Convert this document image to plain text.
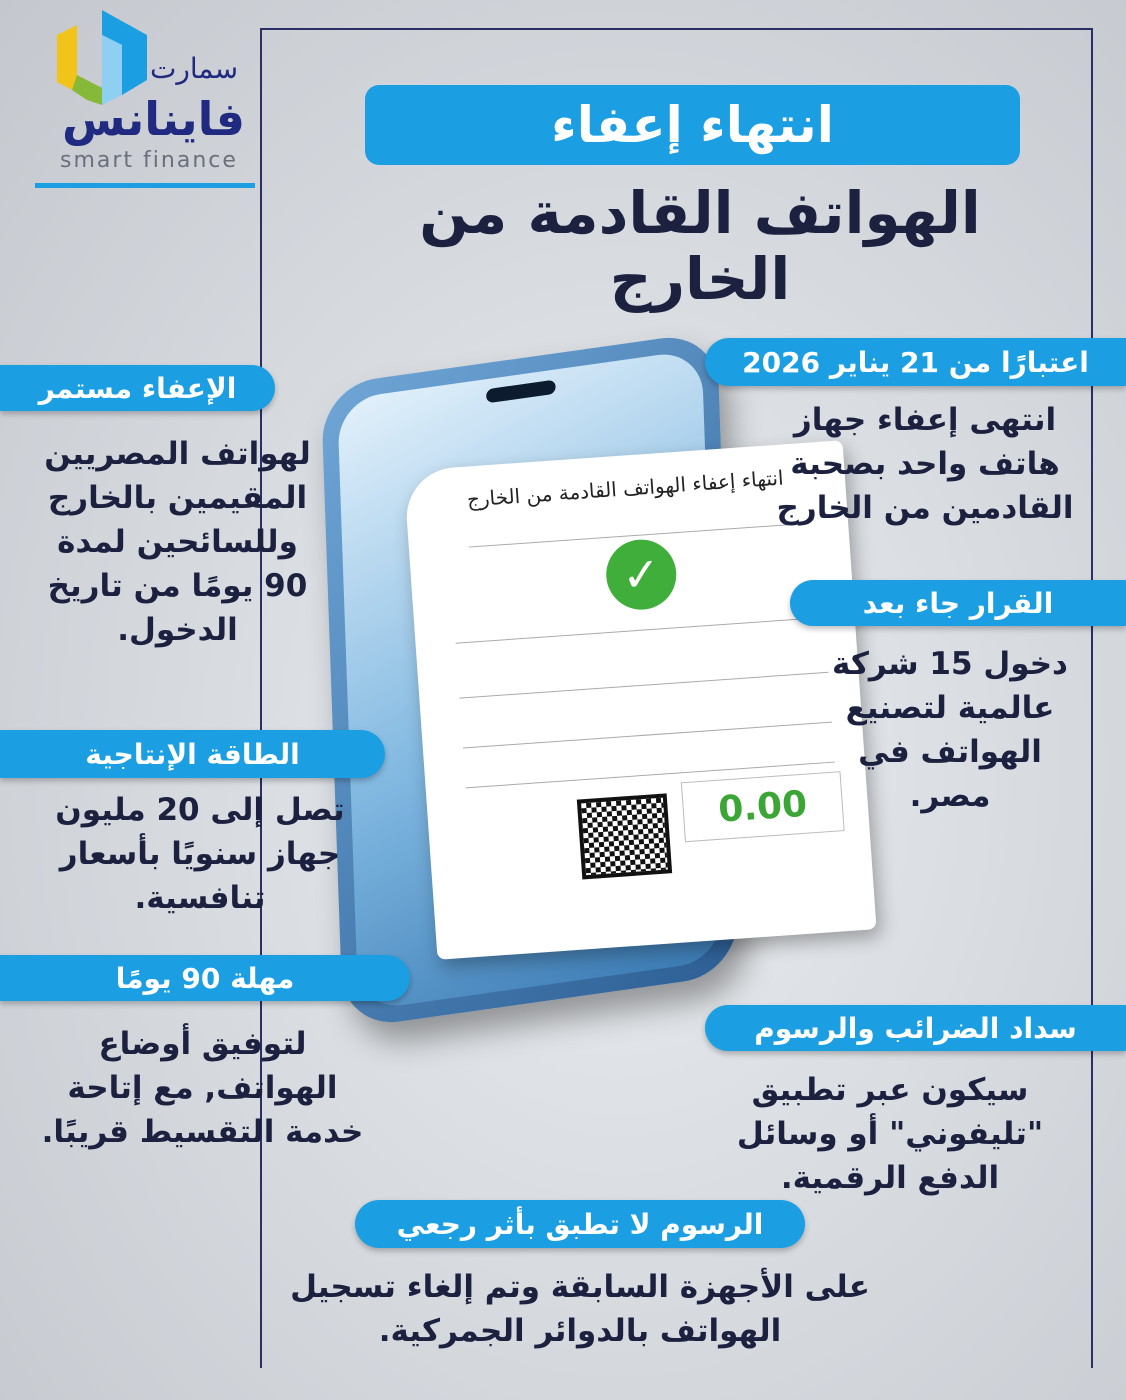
سمارت
فاينانس
smart finance
انتهاء إعفاء
الهواتف القادمة من الخارج
انتهاء إعفاء الهواتف القادمة من الخارج
✓
0.00
الإعفاء مستمر
لهواتف المصريين المقيمين بالخارج وللسائحين لمدة 90 يومًا من تاريخ الدخول.
الطاقة الإنتاجية
تصل إلى 20 مليون جهاز سنويًا بأسعار تنافسية.
مهلة 90 يومًا
لتوفيق أوضاع الهواتف, مع إتاحة خدمة التقسيط قريبًا.
اعتبارًا من 21 يناير 2026
انتهى إعفاء جهاز هاتف واحد بصحبة القادمين من الخارج
القرار جاء بعد
دخول 15 شركة عالمية لتصنيع الهواتف في مصر.
سداد الضرائب والرسوم
سيكون عبر تطبيق "تليفوني" أو وسائل الدفع الرقمية.
الرسوم لا تطبق بأثر رجعي
على الأجهزة السابقة وتم إلغاء تسجيل الهواتف بالدوائر الجمركية.
